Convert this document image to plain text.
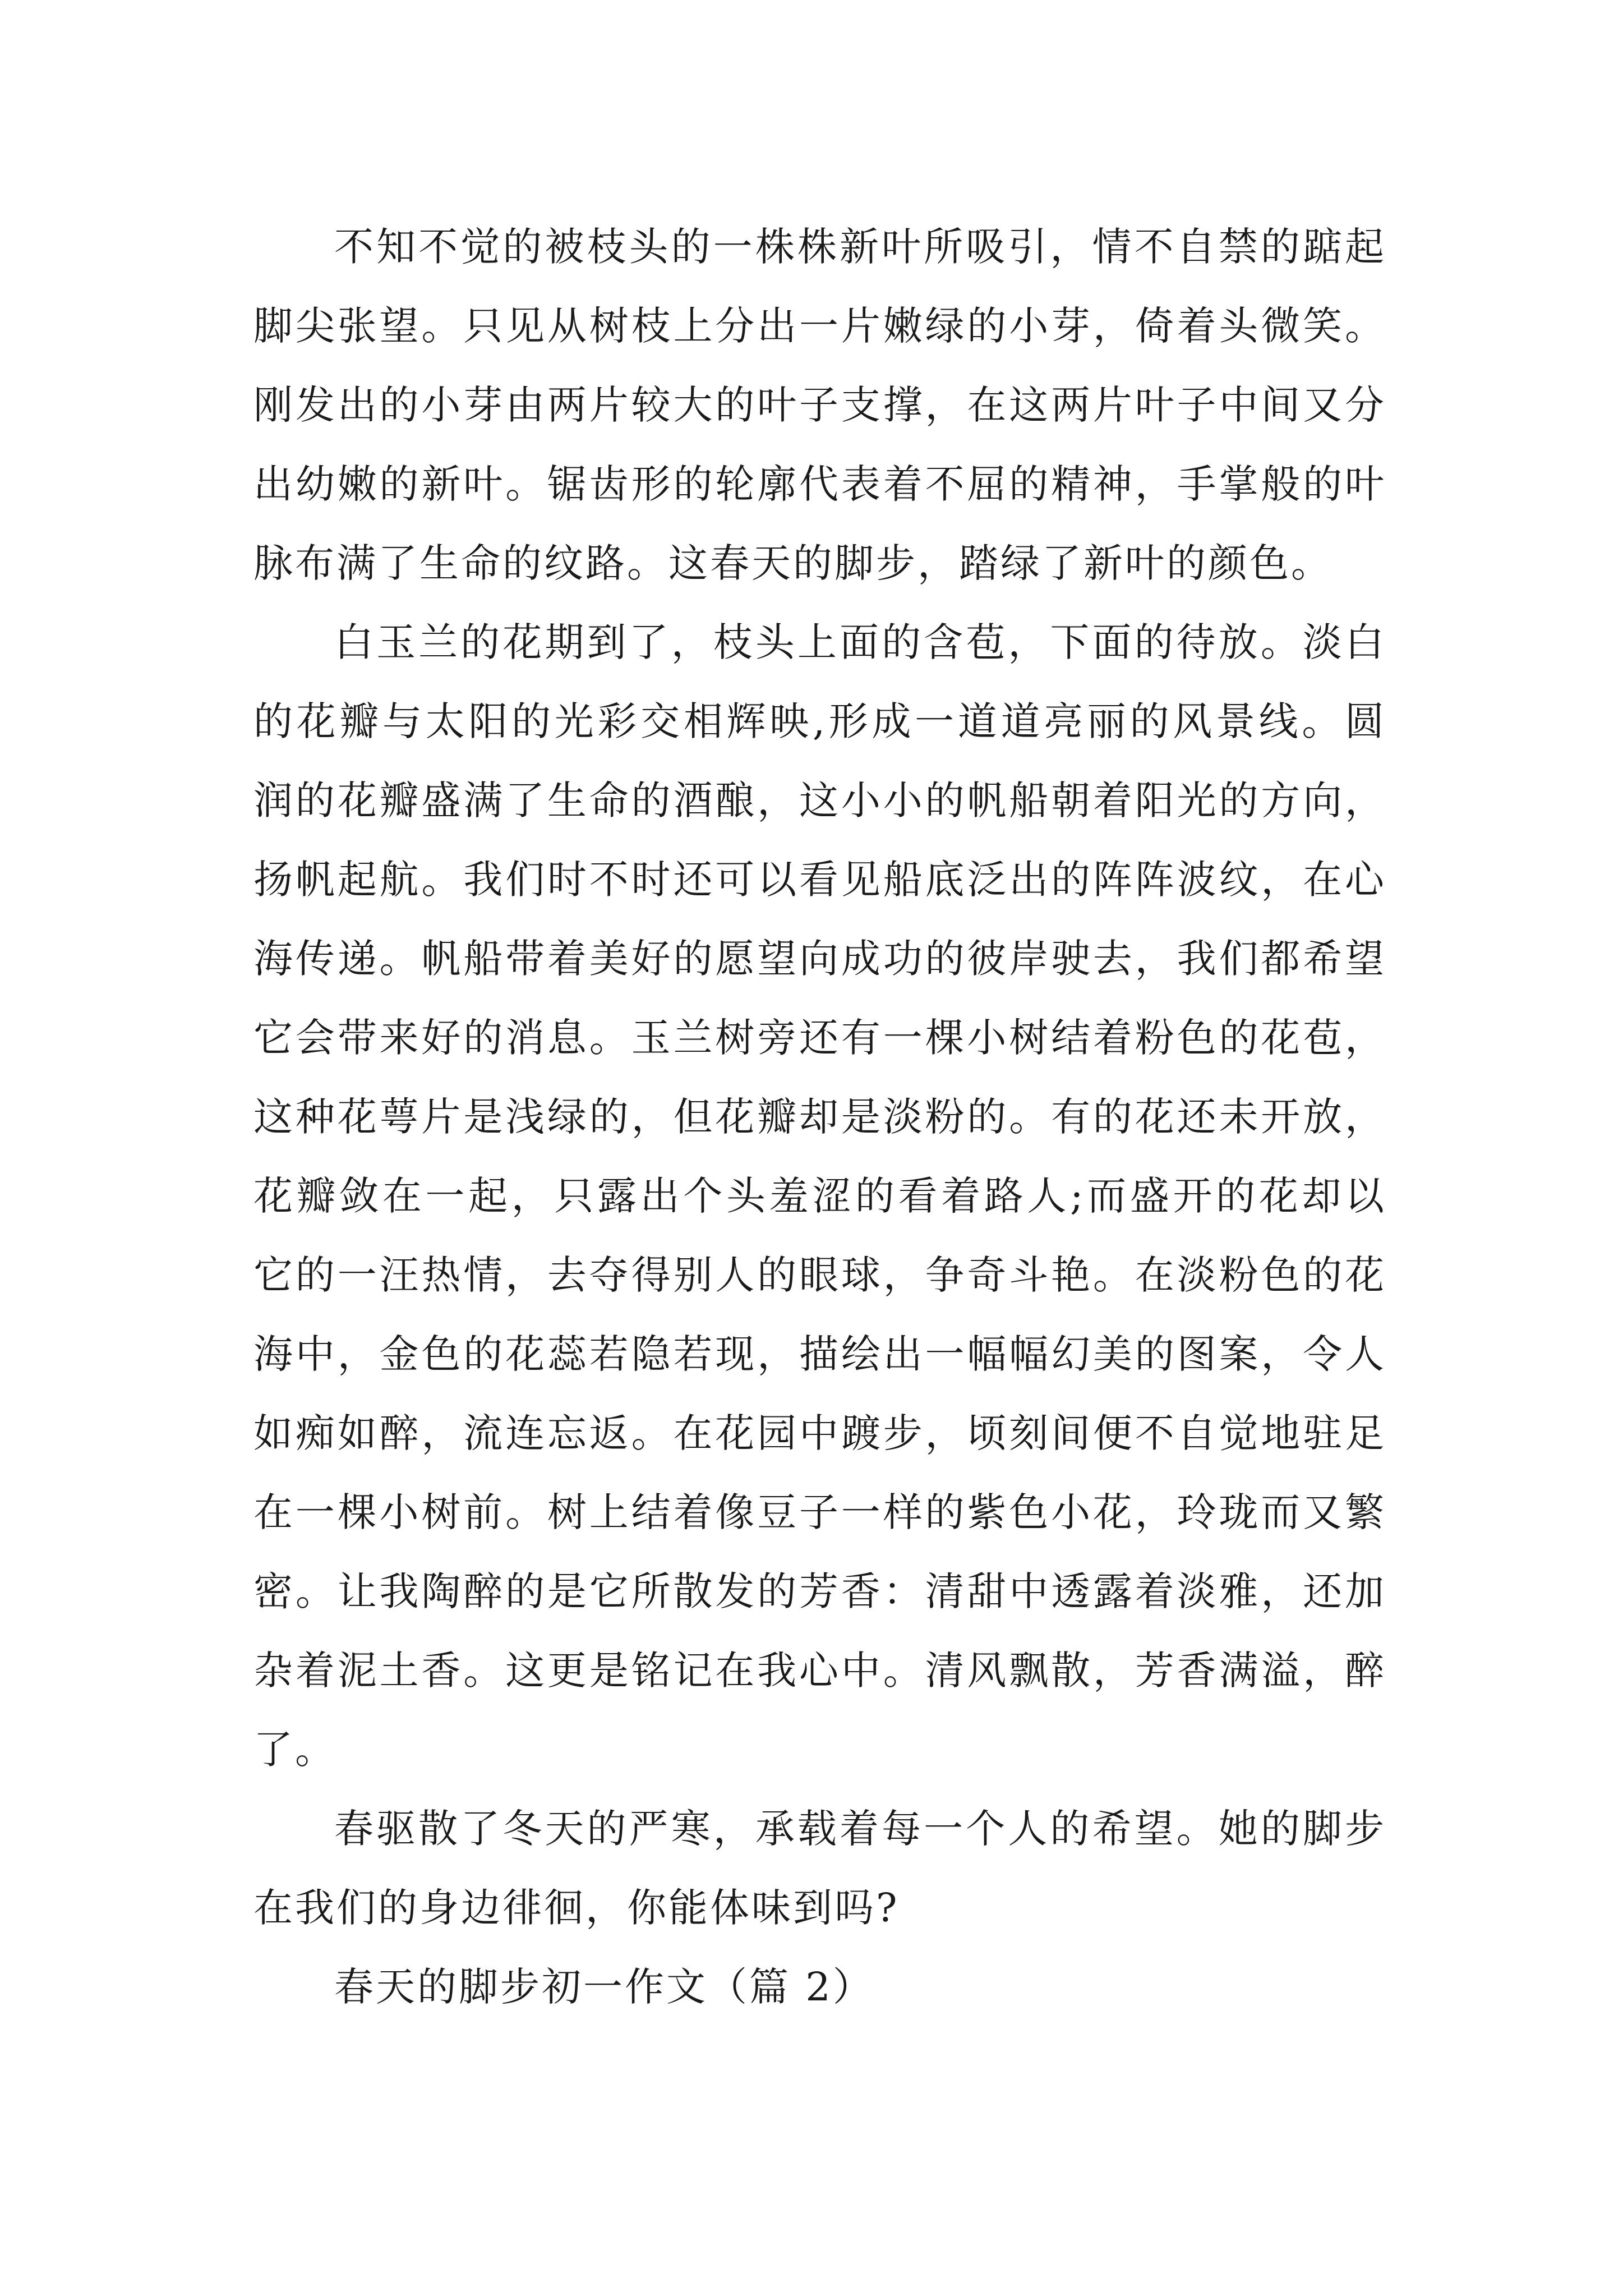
不知不觉的被枝头的一株株新叶所吸引，情不自禁的踮起脚尖张望。只见从树枝上分出一片嫩绿的小芽，倚着头微笑。刚发出的小芽由两片较大的叶子支撑，在这两片叶子中间又分出幼嫩的新叶。锯齿形的轮廓代表着不屈的精神，手掌般的叶脉布满了生命的纹路。这春天的脚步，踏绿了新叶的颜色。

白玉兰的花期到了，枝头上面的含苞，下面的待放。淡白的花瓣与太阳的光彩交相辉映,形成一道道亮丽的风景线。圆润的花瓣盛满了生命的酒酿，这小小的帆船朝着阳光的方向，扬帆起航。我们时不时还可以看见船底泛出的阵阵波纹，在心海传递。帆船带着美好的愿望向成功的彼岸驶去，我们都希望它会带来好的消息。玉兰树旁还有一棵小树结着粉色的花苞，这种花萼片是浅绿的，但花瓣却是淡粉的。有的花还未开放，花瓣敛在一起，只露出个头羞涩的看着路人;而盛开的花却以它的一汪热情，去夺得别人的眼球，争奇斗艳。在淡粉色的花海中，金色的花蕊若隐若现，描绘出一幅幅幻美的图案，令人如痴如醉，流连忘返。在花园中踱步，顷刻间便不自觉地驻足在一棵小树前。树上结着像豆子一样的紫色小花，玲珑而又繁密。让我陶醉的是它所散发的芳香：清甜中透露着淡雅，还加杂着泥土香。这更是铭记在我心中。清风飘散，芳香满溢，醉了。

春驱散了冬天的严寒，承载着每一个人的希望。她的脚步在我们的身边徘徊，你能体味到吗?

春天的脚步初一作文（篇 2）
